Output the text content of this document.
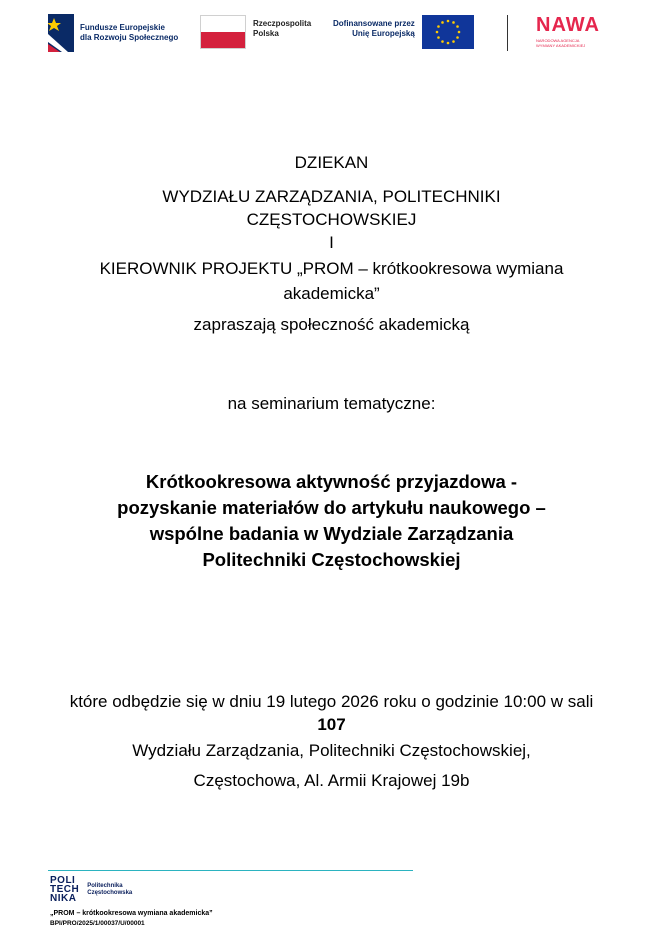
Fundusze Europejskie
dla Rozwoju Społecznego
Rzeczpospolita
Polska
Dofinansowane przez
Unię Europejską	NAWA
NARODOWA AGENCJA WYMIANY AKADEMICKIEJ
DZIEKAN
WYDZIAŁU ZARZĄDZANIA, POLITECHNIKI
CZĘSTOCHOWSKIEJ
I
KIEROWNIK PROJEKTU „PROM – krótkookresowa wymiana
akademicka”
zapraszają społeczność akademicką
na seminarium tematyczne:
Krótkookresowa aktywność przyjazdowa -
pozyskanie materiałów do artykułu naukowego –
wspólne badania w Wydziale Zarządzania
Politechniki Częstochowskiej
które odbędzie się w dniu 19 lutego 2026 roku o godzinie 10:00 w sali
107
Wydziału Zarządzania, Politechniki Częstochowskiej,
Częstochowa, Al. Armii Krajowej 19b
POLI
TECH
NIKA
Politechnika
Częstochowska
„PROM – krótkookresowa wymiana akademicka”
BPI/PRO/2025/1/00037/U/00001
